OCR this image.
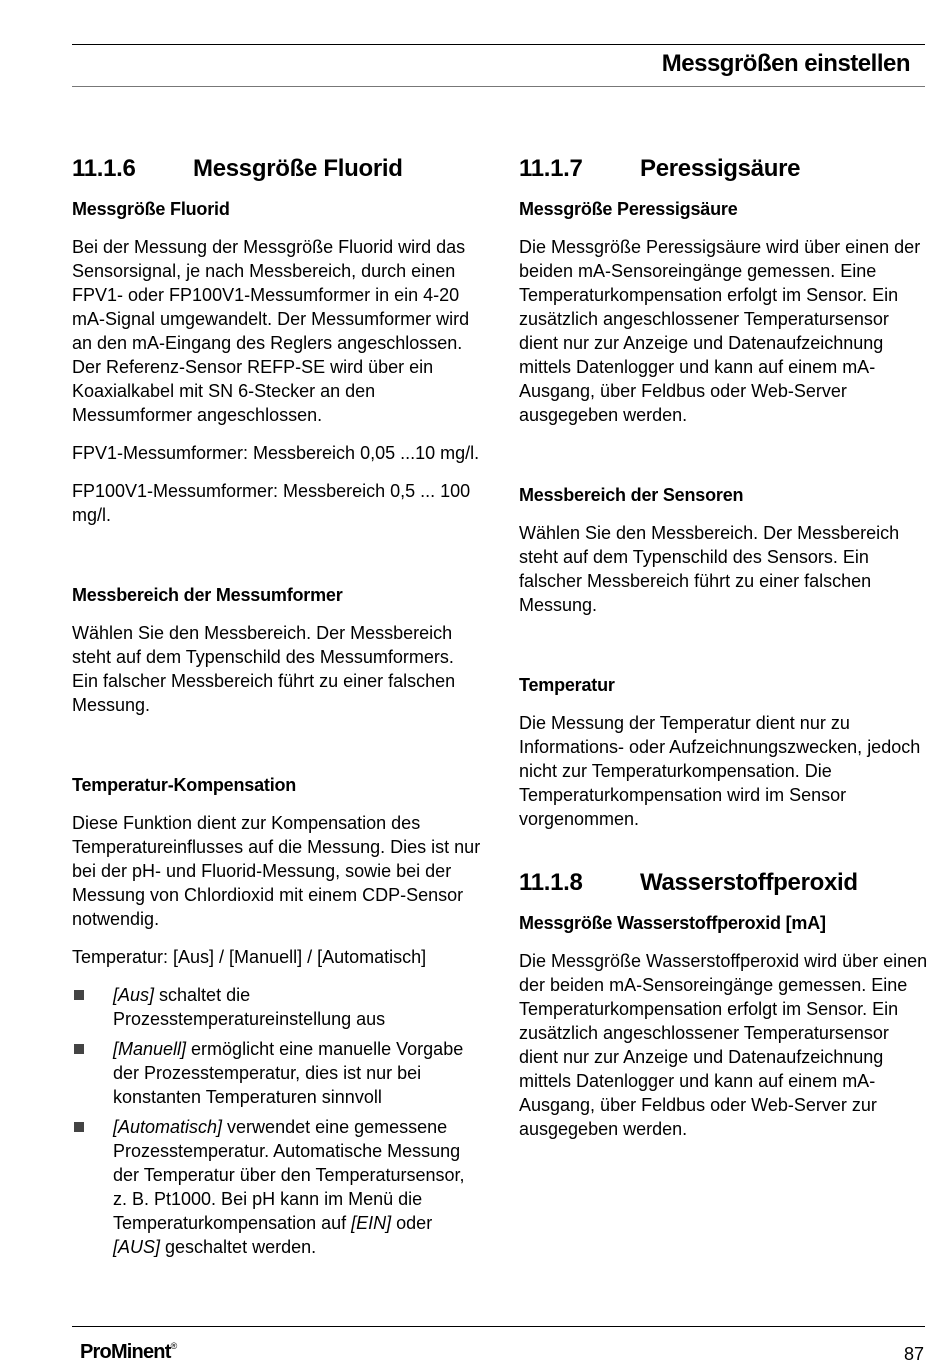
Messgrößen einstellen
11.1.6	Messgröße Fluorid
Messgröße Fluorid

Bei der Messung der Messgröße Fluorid wird das Sensorsignal, je nach Messbereich, durch einen FPV1- oder FP100V1-Messumformer in ein 4-20 mA-Signal umgewandelt. Der Messumformer wird an den mA-Eingang des Reglers angeschlossen. Der Referenz-Sensor REFP-SE wird über ein Koaxialkabel mit SN 6-Stecker an den Messumformer angeschlossen.

FPV1-Messumformer: Messbereich 0,05 ...10 mg/l.

FP100V1-Messumformer: Messbereich 0,5 ... 100 mg/l.

Messbereich der Messumformer

Wählen Sie den Messbereich. Der Messbereich steht auf dem Typenschild des Messumformers. Ein falscher Messbereich führt zu einer falschen Messung.

Temperatur-Kompensation

Diese Funktion dient zur Kompensation des Temperatureinflusses auf die Messung. Dies ist nur bei der pH- und Fluorid-Messung, sowie bei der Messung von Chlordioxid mit einem CDP-Sensor notwendig.

Temperatur: [Aus] / [Manuell] / [Automatisch]

[Aus] schaltet die Prozesstemperatureinstellung aus
[Manuell] ermöglicht eine manuelle Vorgabe der Prozesstemperatur, dies ist nur bei konstanten Temperaturen sinnvoll
[Automatisch] verwendet eine gemessene Prozesstemperatur. Automatische Messung der Temperatur über den Temperatursensor, z. B. Pt1000. Bei pH kann im Menü die Temperaturkompensation auf [EIN] oder [AUS] geschaltet werden.
11.1.7	Peressigsäure
Messgröße Peressigsäure

Die Messgröße Peressigsäure wird über einen der beiden mA-Sensoreingänge gemessen. Eine Temperaturkompensation erfolgt im Sensor. Ein zusätzlich angeschlossener Temperatursensor dient nur zur Anzeige und Datenaufzeichnung mittels Datenlogger und kann auf einem mA-Ausgang, über Feldbus oder Web-Server ausgegeben werden.

Messbereich der Sensoren

Wählen Sie den Messbereich. Der Messbereich steht auf dem Typenschild des Sensors. Ein falscher Messbereich führt zu einer falschen Messung.

Temperatur

Die Messung der Temperatur dient nur zu Informations- oder Aufzeichnungszwecken, jedoch nicht zur Temperaturkompensation. Die Temperaturkompensation wird im Sensor vorgenommen.

11.1.8	Wasserstoffperoxid
Messgröße Wasserstoffperoxid [mA]

Die Messgröße Wasserstoffperoxid wird über einen der beiden mA-Sensoreingänge gemessen. Eine Temperaturkompensation erfolgt im Sensor. Ein zusätzlich angeschlossener Temperatursensor dient nur zur Anzeige und Datenaufzeichnung mittels Datenlogger und kann auf einem mA-Ausgang, über Feldbus oder Web-Server zur ausgegeben werden.

ProMinent®	87
